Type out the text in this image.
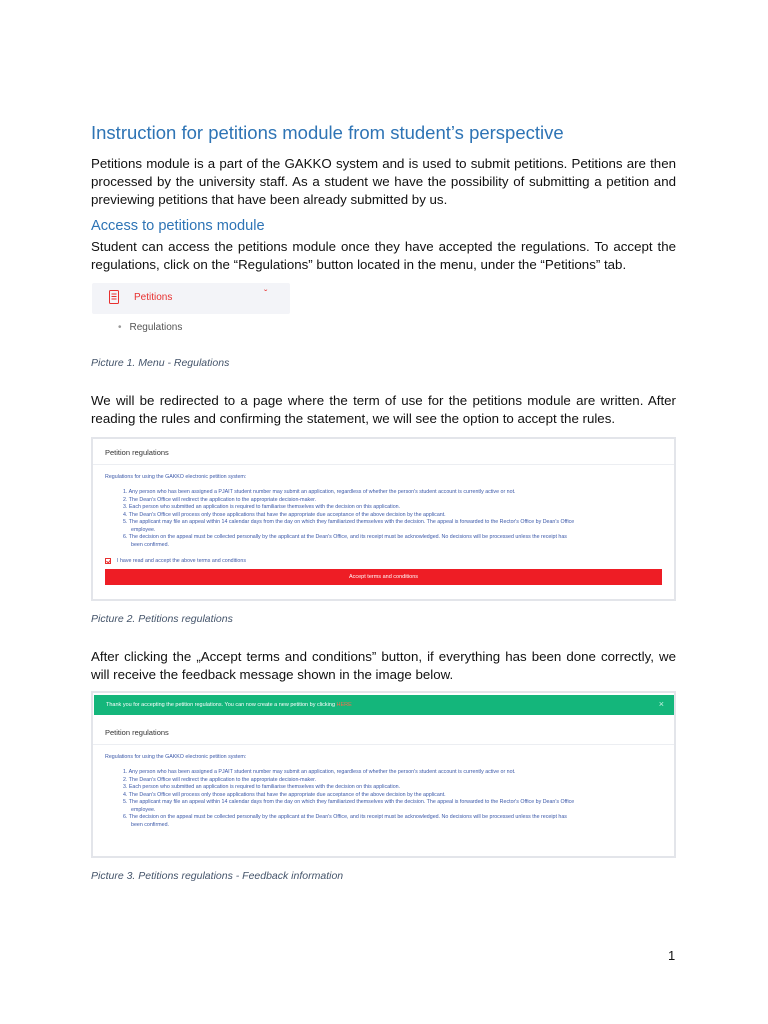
Instruction for petitions module from student’s perspective

Petitions module is a part of the GAKKO system and is used to submit petitions. Petitions are then processed by the university staff. As a student we have the possibility of submitting a petition and previewing petitions that have been already submitted by us.

Access to petitions module

Student can access the petitions module once they have accepted the regulations. To accept the regulations, click on the “Regulations” button located in the menu, under the “Petitions” tab.

Petitions	ˇ
• Regulations

Picture 1. Menu - Regulations

We will be redirected to a page where the term of use for the petitions module are written. After reading the rules and confirming the statement, we will see the option to accept the rules.

Petition regulations

Regulations for using the GAKKO electronic petition system:

1. Any person who has been assigned a PJAIT student number may submit an application, regardless of whether the person's student account is currently active or not.
2. The Dean's Office will redirect the application to the appropriate decision-maker.
3. Each person who submitted an application is required to familiarise themselves with the decision on this application.
4. The Dean's Office will process only those applications that have the appropriate due acceptance of the above decision by the applicant.
5. The applicant may file an appeal within 14 calendar days from the day on which they familiarized themselves with the decision. The appeal is forwarded to the Rector's Office by Dean's Office
employee.
6. The decision on the appeal must be collected personally by the applicant at the Dean's Office, and its receipt must be acknowledged. No decisions will be processed unless the receipt has
been confirmed.
I have read and accept the above terms and conditions
Accept terms and conditions

Picture 2. Petitions regulations

After clicking the „Accept terms and conditions” button, if everything has been done correctly, we will receive the feedback message shown in the image below.

Petition regulations

Regulations for using the GAKKO electronic petition system:

1. Any person who has been assigned a PJAIT student number may submit an application, regardless of whether the person's student account is currently active or not.
2. The Dean's Office will redirect the application to the appropriate decision-maker.
3. Each person who submitted an application is required to familiarise themselves with the decision on this application.
4. The Dean's Office will process only those applications that have the appropriate due acceptance of the above decision by the applicant.
5. The applicant may file an appeal within 14 calendar days from the day on which they familiarized themselves with the decision. The appeal is forwarded to the Rector's Office by Dean's Office
employee.
6. The decision on the appeal must be collected personally by the applicant at the Dean's Office, and its receipt must be acknowledged. No decisions will be processed unless the receipt has
been confirmed.
Thank you for accepting the petition regulations. You can now create a new petition by clicking HERE	×

Picture 3. Petitions regulations - Feedback information

1
